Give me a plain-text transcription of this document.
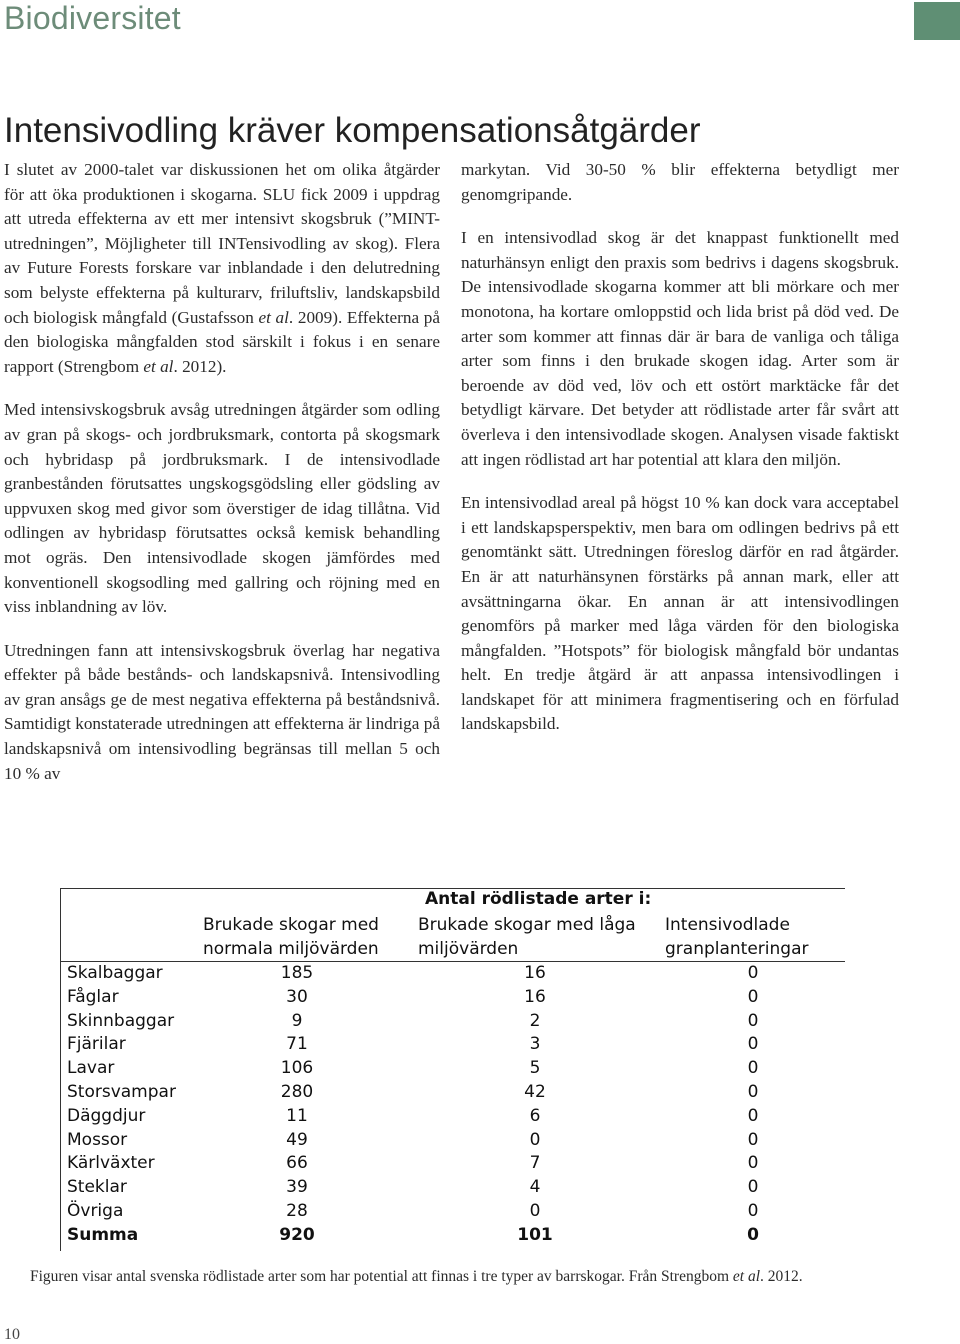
Biodiversitet
Intensivodling kräver kompensationsåtgärder

I slutet av 2000-talet var diskussionen het om olika åtgärder för att öka produktionen i skogarna. SLU fick 2009 i uppdrag att utreda effekterna av ett mer intensivt skogsbruk (”MINT-utredningen”, Möjligheter till INTensivodling av skog). Flera av Future Forests forskare var inblandade i den delutredning som belyste effekterna på kulturarv, friluftsliv, landskapsbild och biologisk mångfald (Gustafsson et al. 2009). Effekterna på den biologiska mångfalden stod särskilt i fokus i en senare rapport (Strengbom et al. 2012).

Med intensivskogsbruk avsåg utredningen åtgärder som odling av gran på skogs- och jordbruksmark, contorta på skogsmark och hybridasp på jordbruksmark. I de intensivodlade granbestånden förutsattes ungskogsgödsling eller gödsling av uppvuxen skog med givor som överstiger de idag tillåtna. Vid odlingen av hybridasp förutsattes också kemisk behandling mot ogräs. Den intensivodlade skogen jämfördes med konventionell skogsodling med gallring och röjning med en viss inblandning av löv.

Utredningen fann att intensivskogsbruk överlag har negativa effekter på både bestånds- och landskapsnivå. Intensivodling av gran ansågs ge de mest negativa effekterna på beståndsnivå. Samtidigt konstaterade utredningen att effekterna är lindriga på landskapsnivå om intensivodling begränsas till mellan 5 och 10 % av

markytan. Vid 30-50 % blir effekterna betydligt mer genomgripande.

I en intensivodlad skog är det knappast funktionellt med naturhänsyn enligt den praxis som bedrivs i dagens skogsbruk. De intensivodlade skogarna kommer att bli mörkare och mer monotona, ha kortare omloppstid och lida brist på död ved. De arter som kommer att finnas där är bara de vanliga och tåliga arter som finns i den brukade skogen idag. Arter som är beroende av död ved, löv och ett ostört marktäcke får det betydligt kärvare. Det betyder att rödlistade arter får svårt att överleva i den intensivodlade skogen. Analysen visade faktiskt att ingen rödlistad art har potential att klara den miljön.

En intensivodlad areal på högst 10 % kan dock vara acceptabel i ett landskapsperspektiv, men bara om odlingen bedrivs på ett genomtänkt sätt. Utredningen föreslog därför en rad åtgärder. En är att naturhänsynen förstärks på annan mark, eller att avsättningarna ökar. En annan är att intensivodlingen genomförs på marker med låga värden för den biologiska mångfalden. ”Hotspots” för biologisk mångfald bör undantas helt. En tredje åtgärd är att anpassa intensivodlingen i landskapet för att minimera fragmentisering och en förfulad landskapsbild.

Antal rödlistade arter i:
Brukade skogar med
normala miljövärden
Brukade skogar med låga
miljövärden
Intensivodlade
granplanteringar
Skalbaggar	185	16	0
Fåglar	30	16	0
Skinnbaggar	9	2	0
Fjärilar	71	3	0
Lavar	106	5	0
Storsvampar	280	42	0
Däggdjur	11	6	0
Mossor	49	0	0
Kärlväxter	66	7	0
Steklar	39	4	0
Övriga	28	0	0
Summa	920	101	0
Figuren visar antal svenska rödlistade arter som har potential att finnas i tre typer av barrskogar. Från Strengbom et al. 2012.
10
